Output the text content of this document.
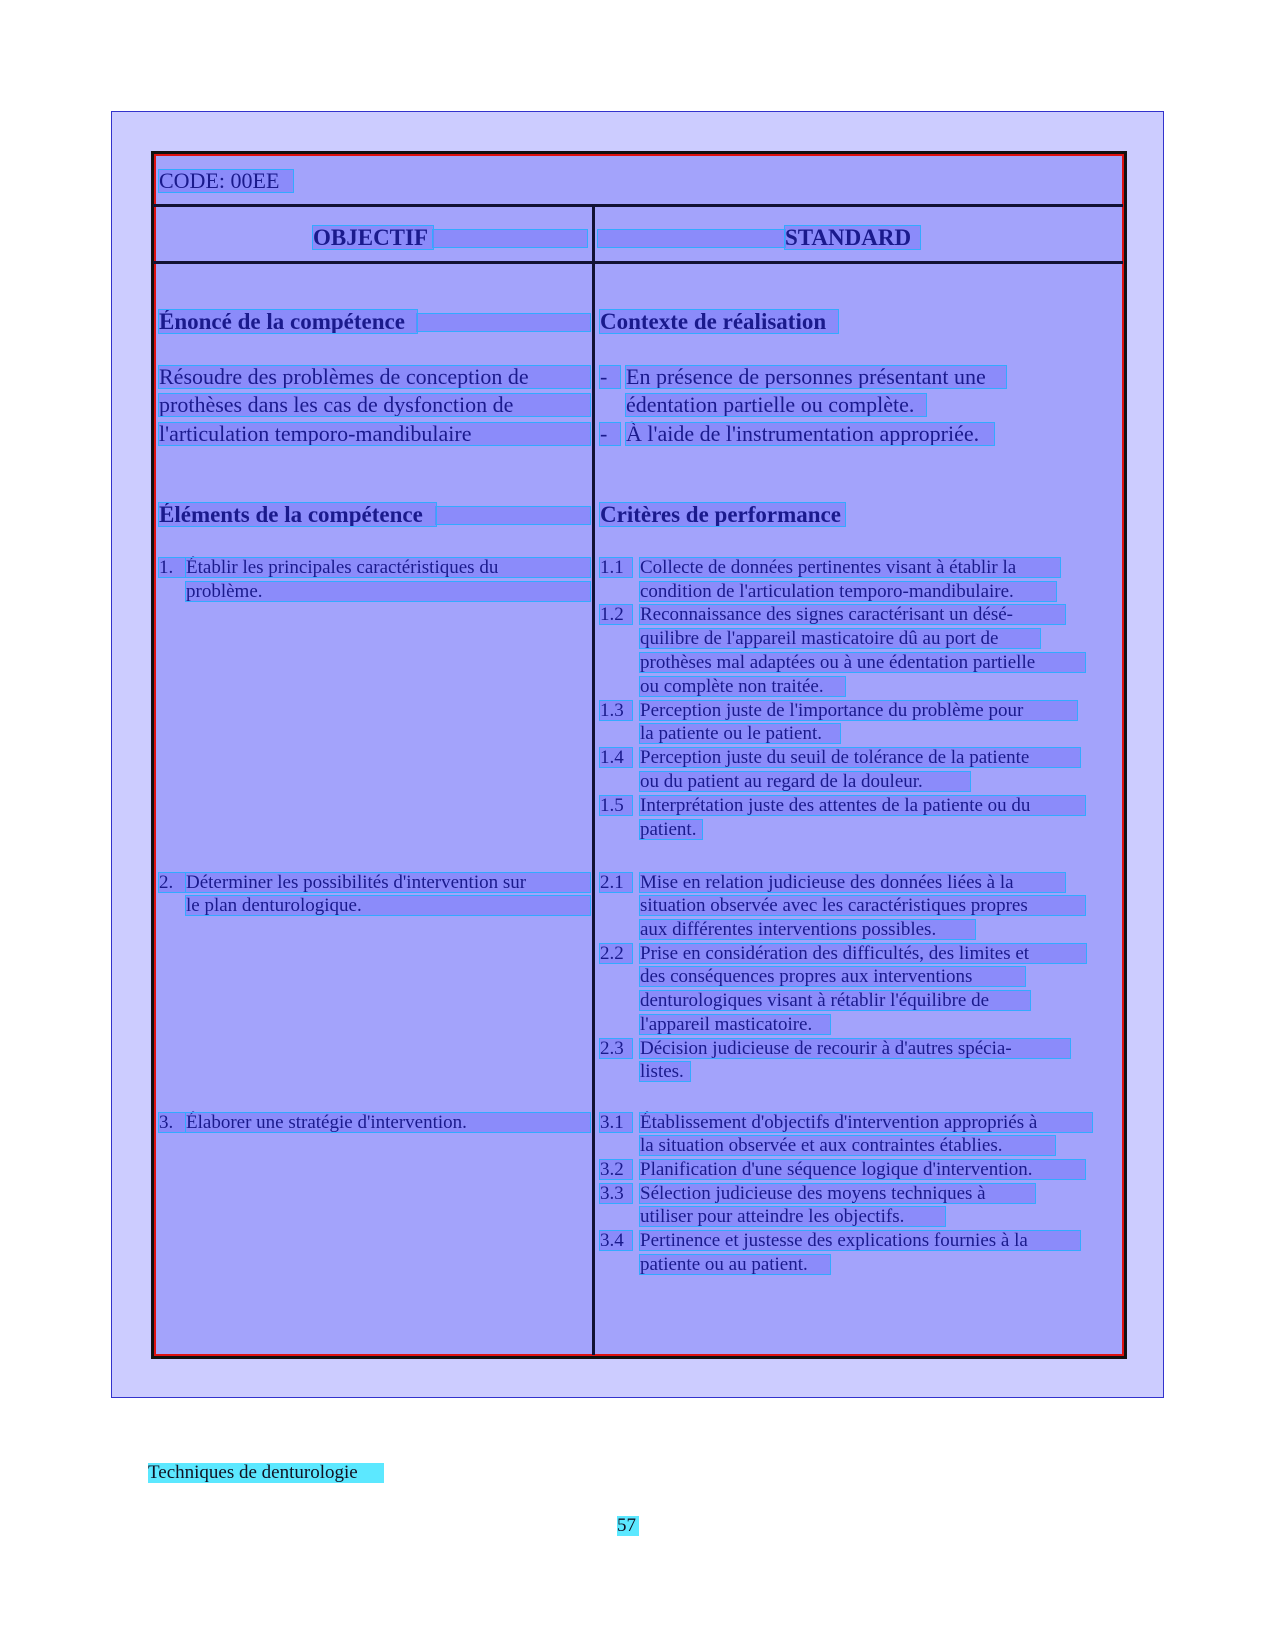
CODE: 00EE
OBJECTIF	STANDARD
Énoncé de la compétence
Résoudre des problèmes de conception de
prothèses dans les cas de dysfonction de
l'articulation temporo-mandibulaire
Éléments de la compétence
1. Établir les principales caractéristiques du
problème.
2. Déterminer les possibilités d'intervention sur
le plan denturologique.
3. Élaborer une stratégie d'intervention.
Contexte de réalisation
- En présence de personnes présentant une
édentation partielle ou complète.
- À l'aide de l'instrumentation appropriée.
Critères de performance
1.1 Collecte de données pertinentes visant à établir la
condition de l'articulation temporo-mandibulaire.
1.2 Reconnaissance des signes caractérisant un désé-
quilibre de l'appareil masticatoire dû au port de
prothèses mal adaptées ou à une édentation partielle
ou complète non traitée.
1.3 Perception juste de l'importance du problème pour
la patiente ou le patient.
1.4 Perception juste du seuil de tolérance de la patiente
ou du patient au regard de la douleur.
1.5 Interprétation juste des attentes de la patiente ou du
patient.
2.1 Mise en relation judicieuse des données liées à la
situation observée avec les caractéristiques propres
aux différentes interventions possibles.
2.2 Prise en considération des difficultés, des limites et
des conséquences propres aux interventions
denturologiques visant à rétablir l'équilibre de
l'appareil masticatoire.
2.3 Décision judicieuse de recourir à d'autres spécia-
listes.
3.1 Établissement d'objectifs d'intervention appropriés à
la situation observée et aux contraintes établies.
3.2 Planification d'une séquence logique d'intervention.
3.3 Sélection judicieuse des moyens techniques à
utiliser pour atteindre les objectifs.
3.4 Pertinence et justesse des explications fournies à la
patiente ou au patient.
Techniques de denturologie
57
